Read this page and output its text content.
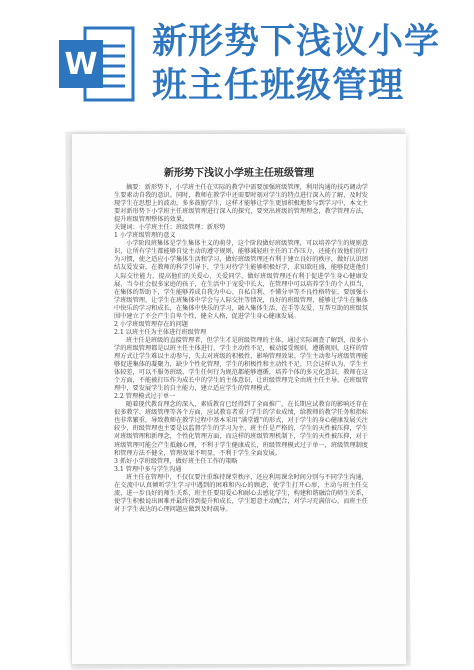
W
新形势下浅议小学
班主任班级管理
新形势下浅议小学班主任班级管理

摘要：新形势下，小学班主任在实际的教学中需要加强班级管理，利用沟通的技巧调动学生要素动自我的意识。同时，教师在教学中还需要时刻对学生的特点进行深入的了解，及时发现学生在思想上的波动，多多鼓励学生，这样才能够让学生更加积极地参与到学习中，本文主要对新形势下小学班主任班级管理进行深入的探究，要突出班级的管理理念，教学管理方法，提升班级管理整体的效果。

关键词：小学班主任；班级管理；新形势

1 小学班级管理的意义

小学阶段班集体是学生集体主义的萌芽，这个阶段做好班级管理，可以培养学生的规则意识，让所有学生都能够自觉主动的遵守规则，能够减轻班主任的工作压力，还能有效他们的行为习惯，使之适应小学集体生活和学习，做好班级管理还有利于建立良好的秩序，做好认识团结友爱发奋，在教师的科学引导下，学生对待学生能够积极好学，求知欲旺盛，能够促进他们人际交往能力，提高他们的关爱心、关爱同学，做好班级管理还有利于促进学生身心健康发展，当今社会很多家庭的孩子，在生活中于宠爱中长大，在管理中可以培养学生的个人担当，在集体的帮助下，学生能够养成自我为中心、自私自利、不懂分享等不良性格特征，要加强小学班级管理，让学生在班集体中学会与人际交往等情况，良好的班级管理，能够让学生在集体中快乐的学习和成长，在集体中快乐的学习，融入集体生活，在手等友爱、互帮互助的班级氛围中建立了不会产生自卑个性，健全人格，促进学生身心健康发展。

2 小学班级管理存在的问题

2.1 以班主任为主体进行班级管理

班主任是班级的直接管理者，但学生才是班级管理的主体，通过实际调查了解到，很多小学的班级管理都是以班主任主体进行，学生主动性不足，被动接受规则，遵循规则，这样的管理方式让学生难以主动参与，失去对班级的积极性，影响管理效果。学生主动参与班级管理能够促进集体的凝聚力，缺少个性化管理，学生的积极性和主动性不足，只会这样认为，学生主体较差，可以不服务班级，学生任何行为规范都能够遵循，培养个体的多元化意识，教师在这个方面，不能被打压作为成长中的学生的主体意识，让班级管理完全由班主任主导。在班级管理中，要发展学生的自主能力，建立适应学生的管理模式。

2.2 管理模式过于单一

随着现代教育理念的深入，素质教育已经得到了全面推广，在长期应试教育的影响还存在很多教学、班级管理等各个方面，应试教育者重于学生的学业成绩，给教师的教学任务和指标也非常繁重，导致教师在教学过程中基本采用“满堂灌”的形式，对于学生的身心健康发展关注较少，班级管理也主要是以监督学生的学习为主，班主任是严格的，学生的天性被压抑，学生对班级管理和新理念，个性化管理方面，而这样的班级管理机制下，学生的天性被压抑，对于班级管理可能会产生抵触心理，不利于学生健康成长，班级管理模式过于单一，班级管理制度和管理方法不健全，管理效果不明显，不利于学生全面发展。

3 抓好小学班级管理，做好班主任工作的策略

3.1 管理中多与学生沟通

班主任在管理中，不仅仅要注重维持课堂秩序，还应利用课余时间分别与不同学生沟通，在交流中认真倾听学生学习中遇到的困难和内心的顾虑，使学生打开心扉，主动与班主任交流，进一步良好的师生关系，班主任要用爱心和耐心去感化学生，构建和谐融洽的师生关系，使学生积极说出困难并最终得到提升和成长，学生愿意主动配合，对学习充满信心，而班主任对于学生表达的心理问题应做到及时疏导。
